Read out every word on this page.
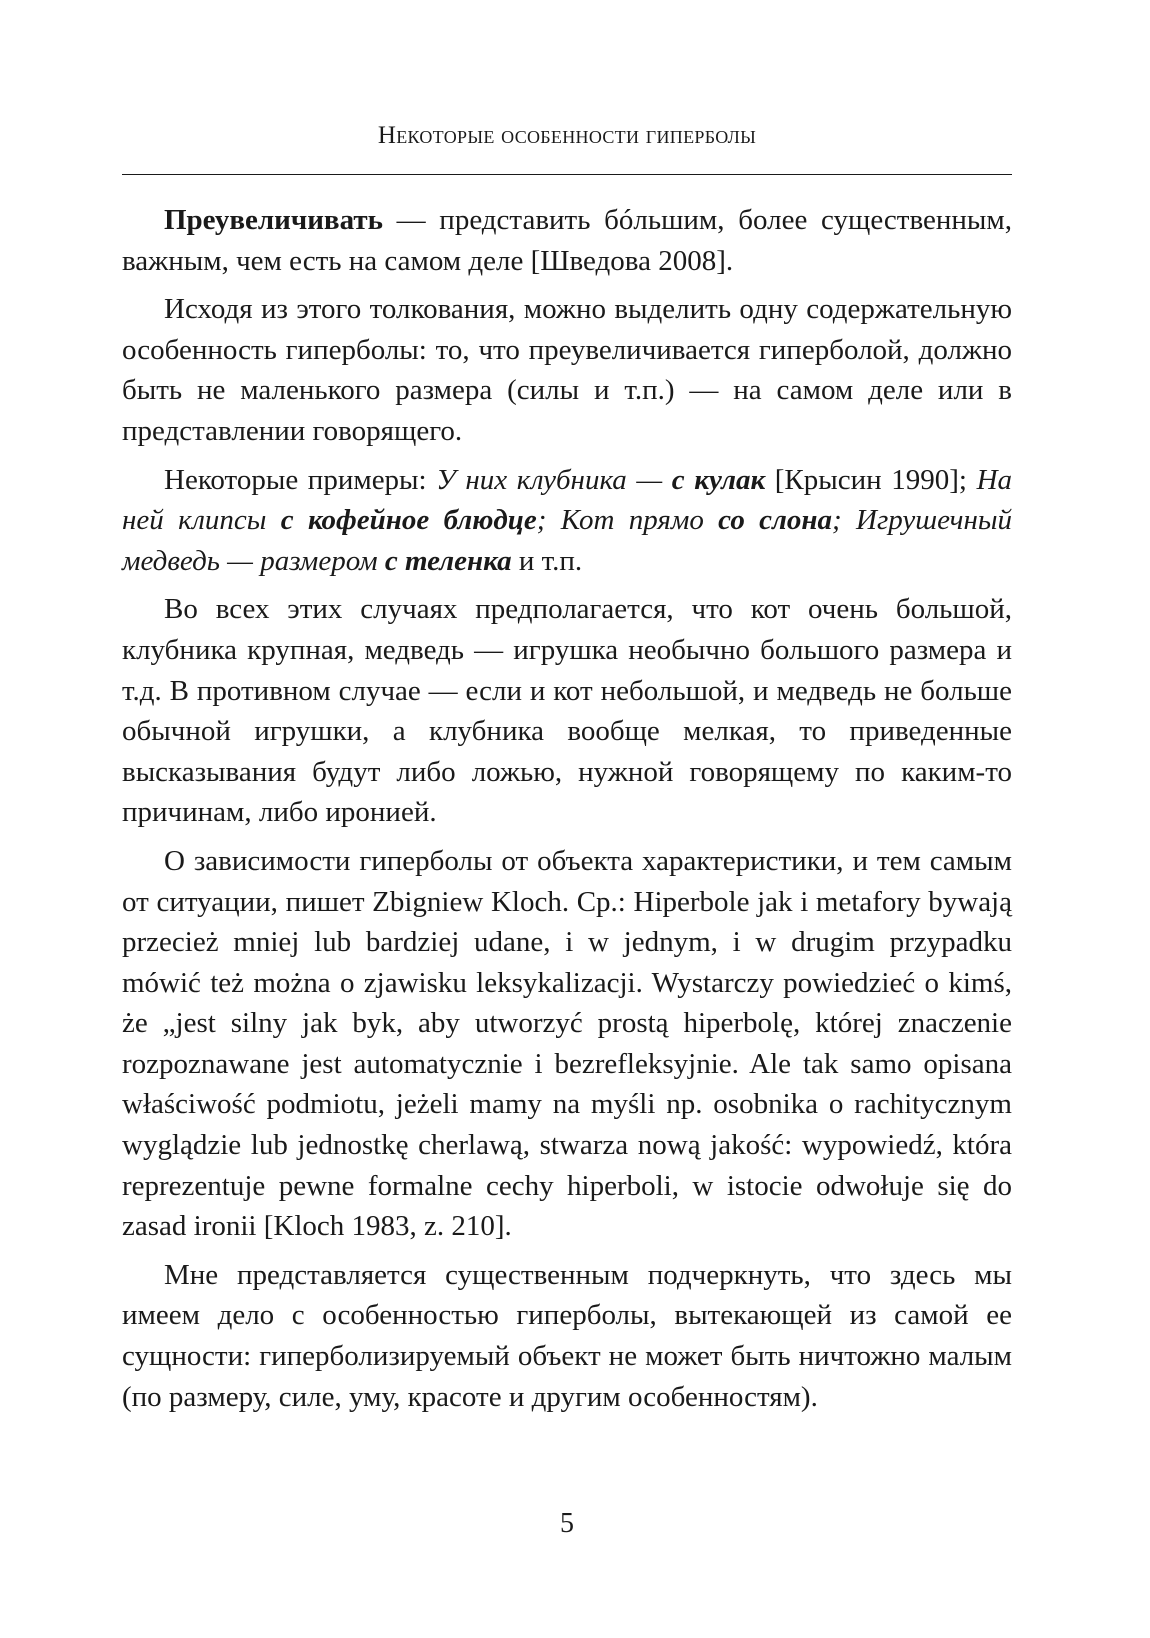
Некоторые особенности гиперболы

Преувеличивать — представить бóльшим, более существенным, важным, чем есть на самом деле [Шведова 2008].

Исходя из этого толкования, можно выделить одну содержательную особенность гиперболы: то, что преувеличивается гиперболой, должно быть не маленького размера (силы и т.п.) — на самом деле или в представлении говорящего.

Некоторые примеры: У них клубника — с кулак [Крысин 1990]; На ней клипсы с кофейное блюдце; Кот прямо со слона; Игрушечный медведь — размером с теленка и т.п.

Во всех этих случаях предполагается, что кот очень большой, клубника крупная, медведь — игрушка необычно большого размера и т.д. В противном случае — если и кот небольшой, и медведь не больше обычной игрушки, а клубника вообще мелкая, то приведенные высказывания будут либо ложью, нужной говорящему по каким-то причинам, либо иронией.

О зависимости гиперболы от объекта характеристики, и тем самым от ситуации, пишет Zbigniew Kloch. Ср.: Hiperbole jak i metafory bywają przecież mniej lub bardziej udane, i w jednym, i w drugim przypadku mówić też można o zjawisku leksykalizacji. Wystarczy powiedzieć o kimś, że „jest silny jak byk, aby utworzyć prostą hiperbolę, której znaczenie rozpoznawane jest automatycznie i bezrefleksyjnie. Ale tak samo opisana właściwość podmiotu, jeżeli mamy na myśli np. osobnika o rachitycznym wyglądzie lub jednostkę cherlawą, stwarza nową jakość: wypowiedź, która reprezentuje pewne formalne cechy hiperboli, w istocie odwołuje się do zasad ironii [Kloch 1983, z. 210].

Мне представляется существенным подчеркнуть, что здесь мы имеем дело с особенностью гиперболы, вытекающей из самой ее сущности: гиперболизируемый объект не может быть ничтожно малым (по размеру, силе, уму, красоте и другим особенностям).

5
